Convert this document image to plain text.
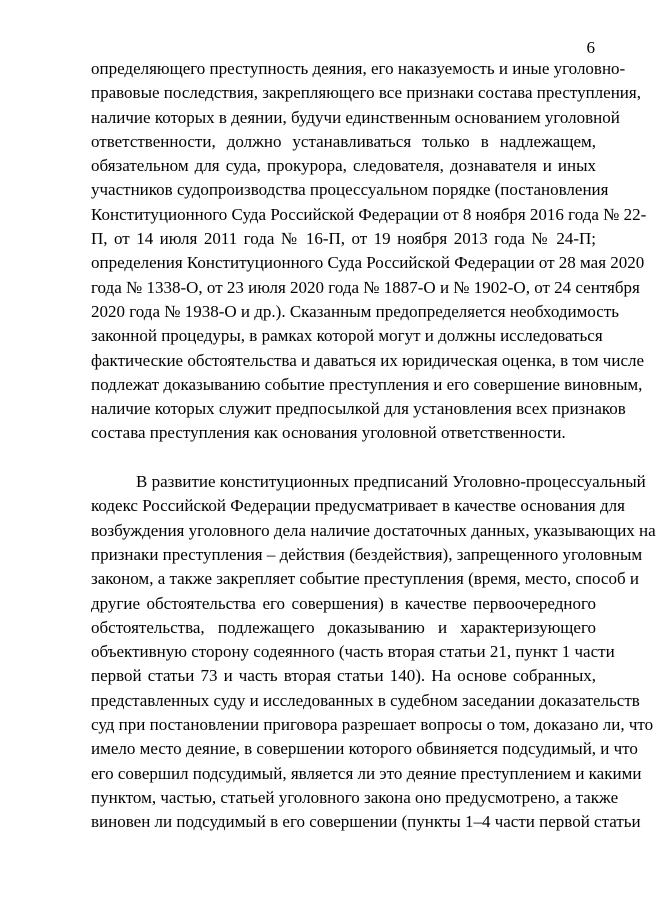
6
определяющего преступность деяния, его наказуемость и иные уголовно-
правовые последствия, закрепляющего все признаки состава преступления,
наличие которых в деянии, будучи единственным основанием уголовной
ответственности, должно устанавливаться только в надлежащем,
обязательном для суда, прокурора, следователя, дознавателя и иных
участников судопроизводства процессуальном порядке (постановления
Конституционного Суда Российской Федерации от 8 ноября 2016 года № 22-
П, от 14 июля 2011 года № 16-П, от 19 ноября 2013 года № 24-П;
определения Конституционного Суда Российской Федерации от 28 мая 2020
года № 1338-О, от 23 июля 2020 года № 1887-О и № 1902-О, от 24 сентября
2020 года № 1938-О и др.). Сказанным предопределяется необходимость
законной процедуры, в рамках которой могут и должны исследоваться
фактические обстоятельства и даваться их юридическая оценка, в том числе
подлежат доказыванию событие преступления и его совершение виновным,
наличие которых служит предпосылкой для установления всех признаков
состава преступления как основания уголовной ответственности.
В развитие конституционных предписаний Уголовно-процессуальный
кодекс Российской Федерации предусматривает в качестве основания для
возбуждения уголовного дела наличие достаточных данных, указывающих на
признаки преступления – действия (бездействия), запрещенного уголовным
законом, а также закрепляет событие преступления (время, место, способ и
другие обстоятельства его совершения) в качестве первоочередного
обстоятельства, подлежащего доказыванию и характеризующего
объективную сторону содеянного (часть вторая статьи 21, пункт 1 части
первой статьи 73 и часть вторая статьи 140). На основе собранных,
представленных суду и исследованных в судебном заседании доказательств
суд при постановлении приговора разрешает вопросы о том, доказано ли, что
имело место деяние, в совершении которого обвиняется подсудимый, и что
его совершил подсудимый, является ли это деяние преступлением и какими
пунктом, частью, статьей уголовного закона оно предусмотрено, а также
виновен ли подсудимый в его совершении (пункты 1–4 части первой статьи
